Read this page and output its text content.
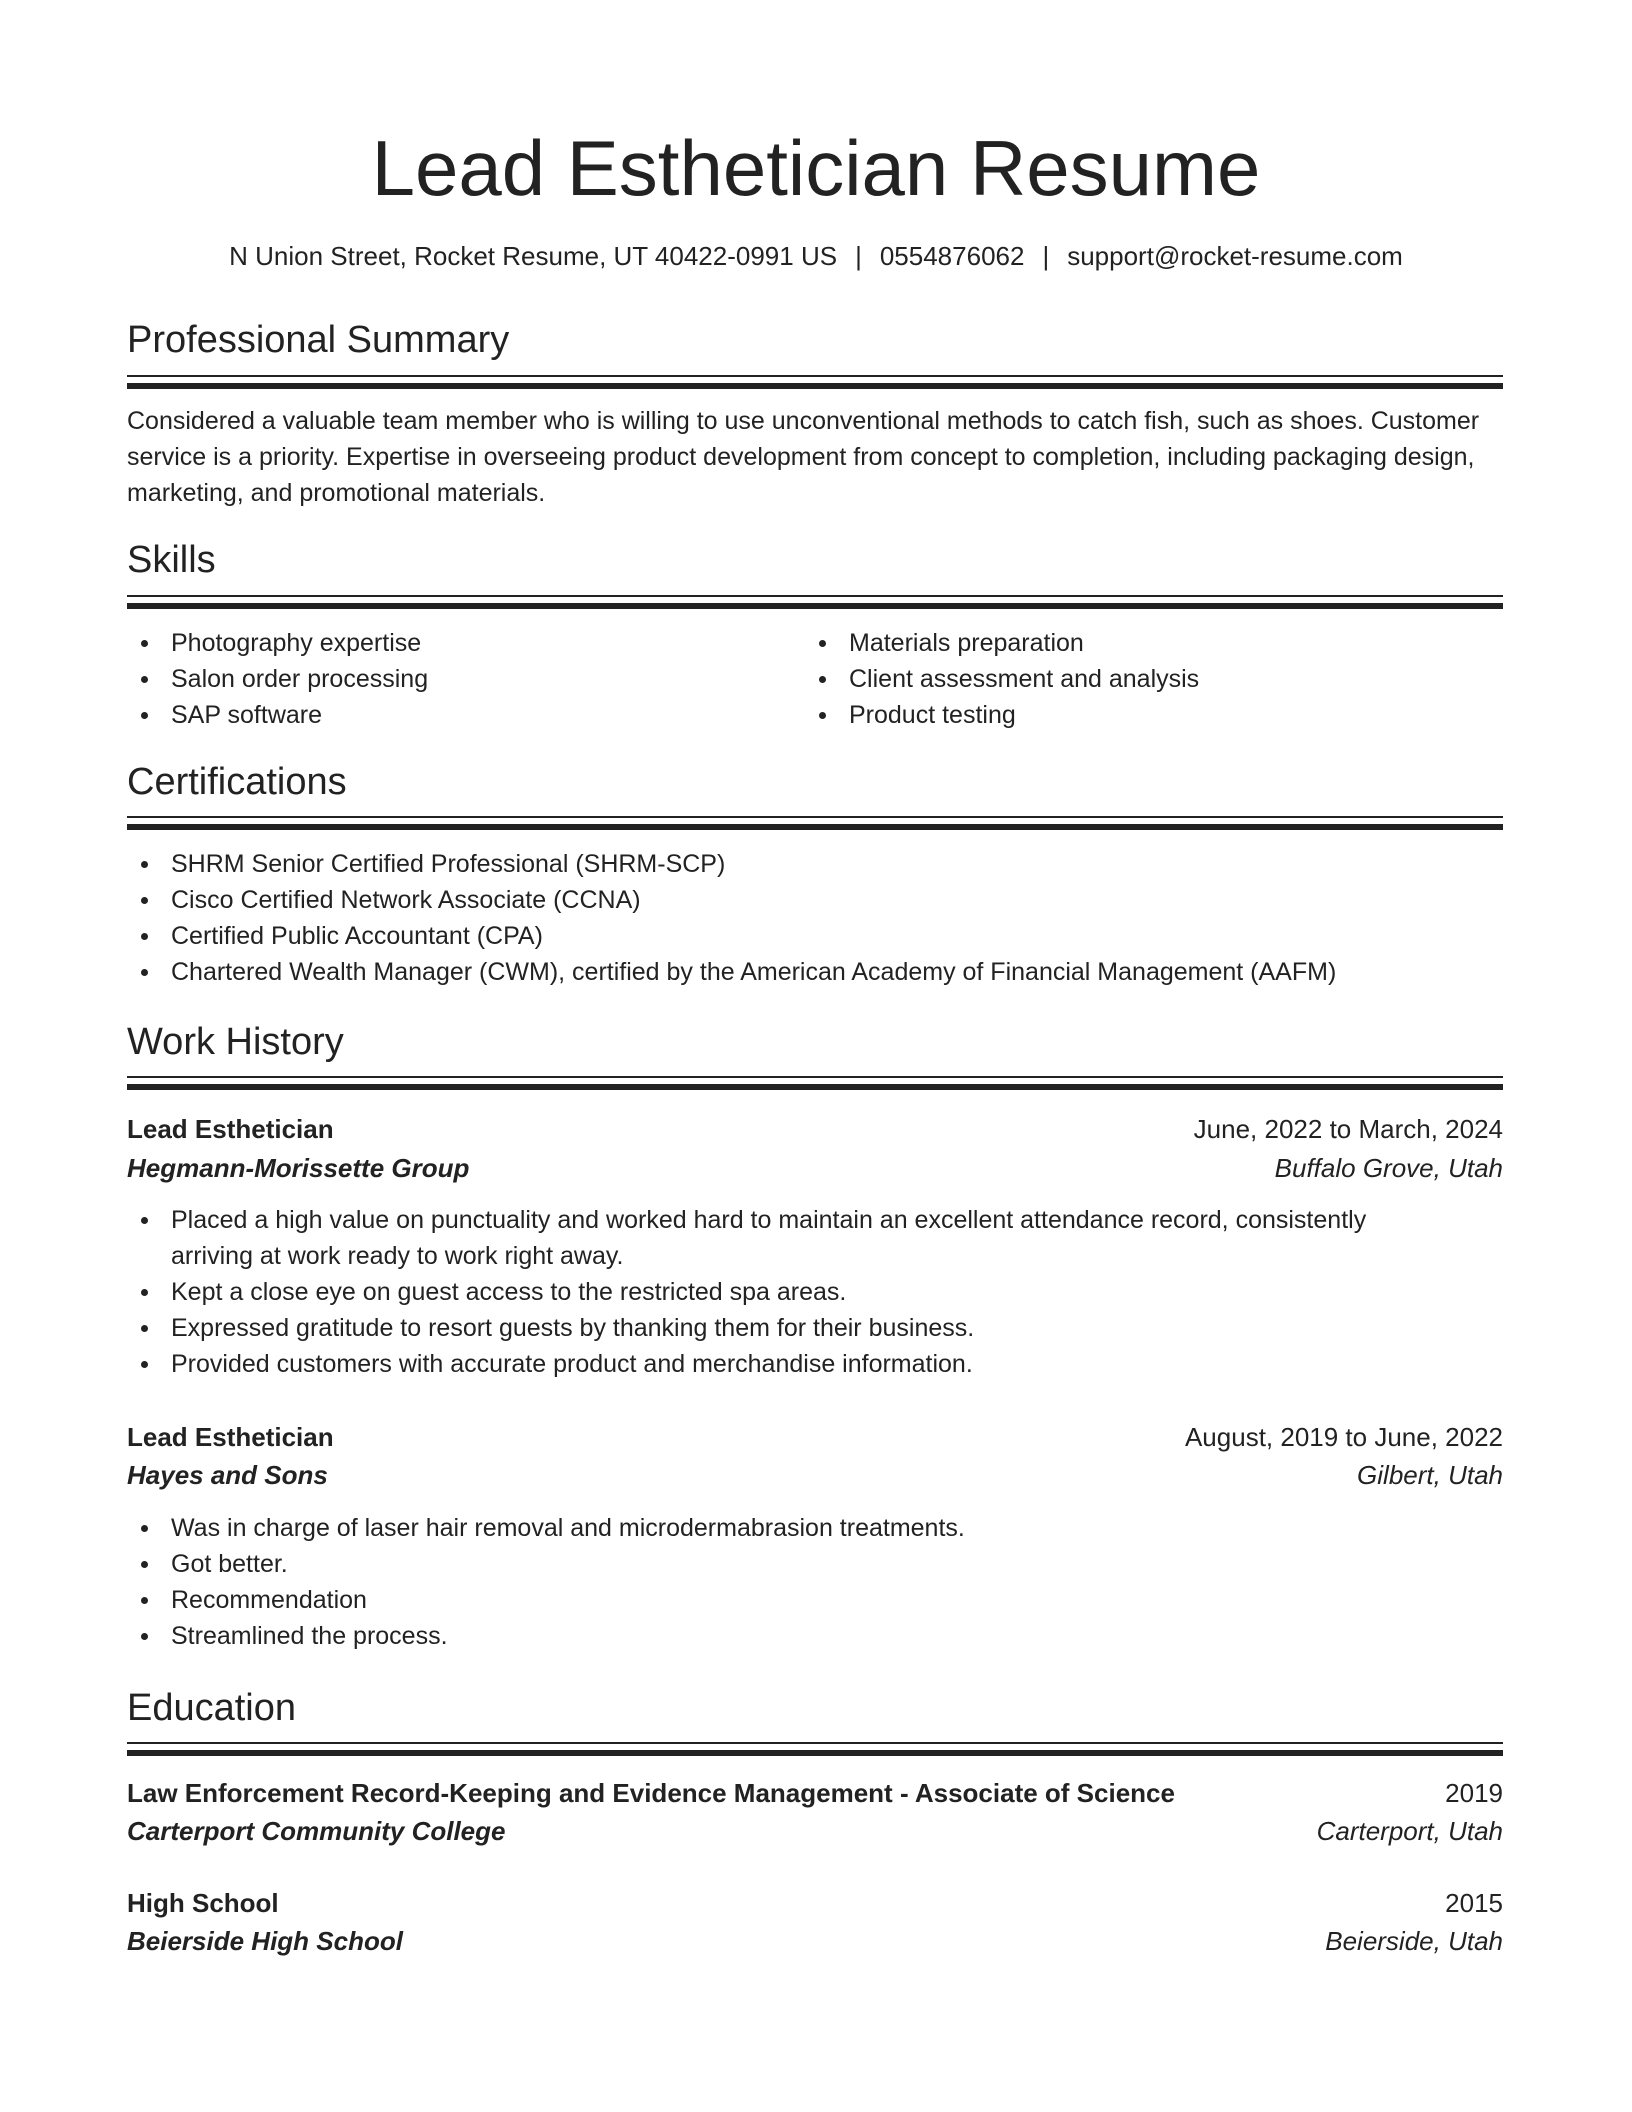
Lead Esthetician Resume
N Union Street, Rocket Resume, UT 40422-0991 US | 0554876062 | support@rocket-resume.com
Professional Summary

Considered a valuable team member who is willing to use unconventional methods to catch fish, such as shoes. Customer service is a priority. Expertise in overseeing product development from concept to completion, including packaging design, marketing, and promotional materials.

Skills
Photography expertise
Salon order processing
SAP software
Materials preparation
Client assessment and analysis
Product testing
Certifications
SHRM Senior Certified Professional (SHRM-SCP)
Cisco Certified Network Associate (CCNA)
Certified Public Accountant (CPA)
Chartered Wealth Manager (CWM), certified by the American Academy of Financial Management (AAFM)
Work History
Lead Esthetician	June, 2022 to March, 2024
Hegmann-Morissette Group	Buffalo Grove, Utah
Placed a high value on punctuality and worked hard to maintain an excellent attendance record, consistently arriving at work ready to work right away.
Kept a close eye on guest access to the restricted spa areas.
Expressed gratitude to resort guests by thanking them for their business.
Provided customers with accurate product and merchandise information.
Lead Esthetician	August, 2019 to June, 2022
Hayes and Sons	Gilbert, Utah
Was in charge of laser hair removal and microdermabrasion treatments.
Got better.
Recommendation
Streamlined the process.
Education
Law Enforcement Record-Keeping and Evidence Management - Associate of Science	2019
Carterport Community College	Carterport, Utah
High School	2015
Beierside High School	Beierside, Utah
